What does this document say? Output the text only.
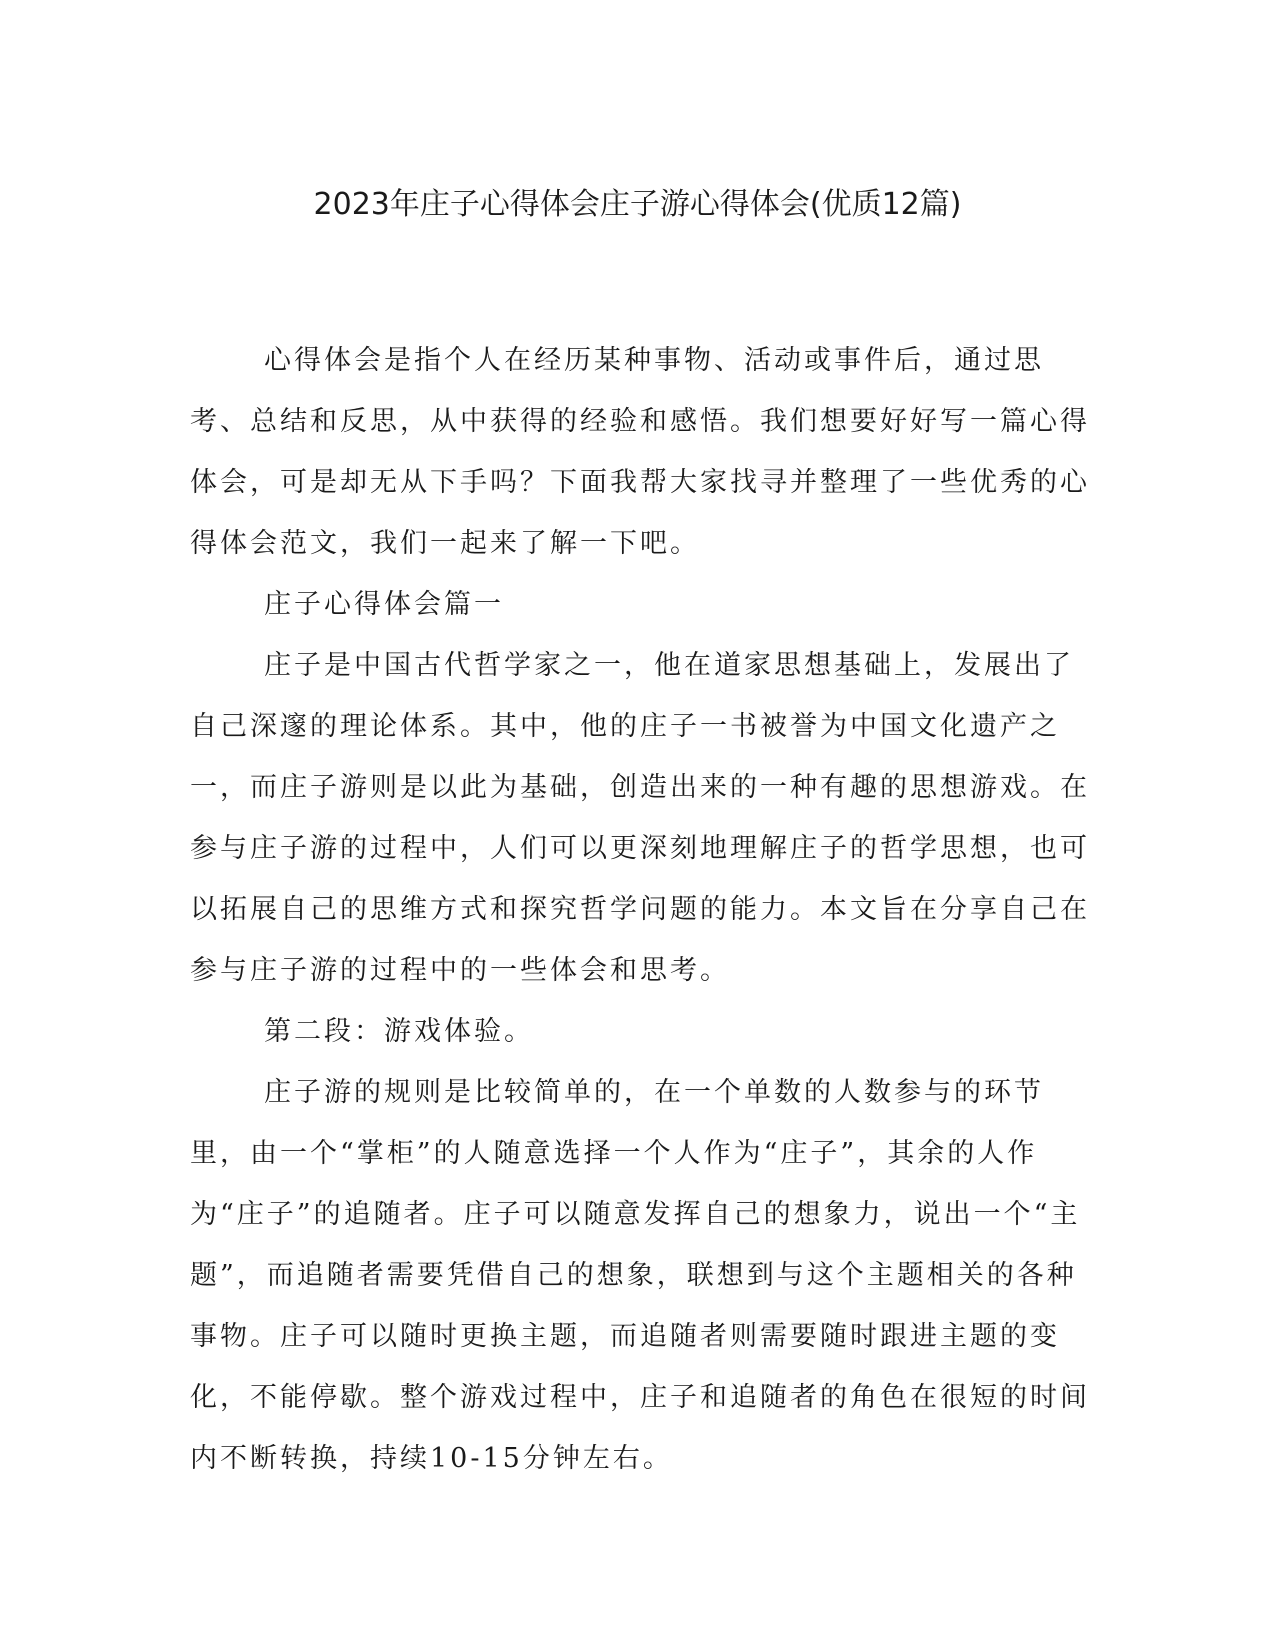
2023年庄子心得体会庄子游心得体会(优质12篇)

心得体会是指个人在经历某种事物、活动或事件后，通过思考、总结和反思，从中获得的经验和感悟。我们想要好好写一篇心得体会，可是却无从下手吗？下面我帮大家找寻并整理了一些优秀的心得体会范文，我们一起来了解一下吧。

庄子心得体会篇一

庄子是中国古代哲学家之一，他在道家思想基础上，发展出了自己深邃的理论体系。其中，他的庄子一书被誉为中国文化遗产之一，而庄子游则是以此为基础，创造出来的一种有趣的思想游戏。在参与庄子游的过程中，人们可以更深刻地理解庄子的哲学思想，也可以拓展自己的思维方式和探究哲学问题的能力。本文旨在分享自己在参与庄子游的过程中的一些体会和思考。

第二段：游戏体验。

庄子游的规则是比较简单的，在一个单数的人数参与的环节里，由一个“掌柜”的人随意选择一个人作为“庄子”，其余的人作为“庄子”的追随者。庄子可以随意发挥自己的想象力，说出一个“主题”，而追随者需要凭借自己的想象，联想到与这个主题相关的各种事物。庄子可以随时更换主题，而追随者则需要随时跟进主题的变化，不能停歇。整个游戏过程中，庄子和追随者的角色在很短的时间内不断转换，持续10-15分钟左右。
